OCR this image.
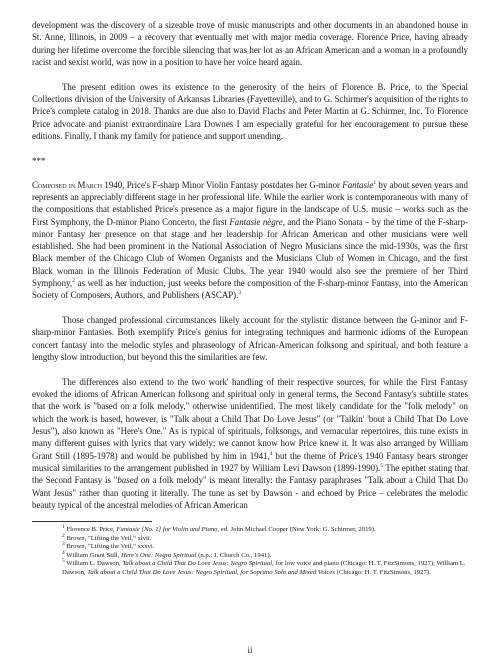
development was the discovery of a sizeable trove of music manuscripts and other documents in an abandoned house in St. Anne, Illinois, in 2009 – a recovery that eventually met with major media coverage. Florence Price, having already during her lifetime overcome the forcible silencing that was her lot as an African American and a woman in a profoundly racist and sexist world, was now in a position to have her voice heard again.

The present edition owes its existence to the generosity of the heirs of Florence B. Price, to the Special Collections division of the University of Arkansas Libraries (Fayetteville), and to G. Schirmer's acquisition of the rights to Price's complete catalog in 2018. Thanks are due also to David Flachs and Peter Martin at G. Schirmer, Inc. To Florence Price advocate and pianist extraordinaire Lara Downes I am especially grateful for her encouragement to pursue these editions. Finally, I thank my family for patience and support unending.

***

Composed in March 1940, Price's F-sharp Minor Violin Fantasy postdates her G-minor Fantasie$^1$ by about seven years and represents an appreciably different stage in her professional life. While the earlier work is contemporaneous with many of the compositions that established Price's presence as a major figure in the landscape of U.S. music – works such as the First Symphony, the D-minor Piano Concerto, the first Fantasie nègre, and the Piano Sonata – by the time of the F-sharp-minor Fantasy her presence on that stage and her leadership for African American and other musicians were well established. She had been prominent in the National Association of Negro Musicians since the mid-1930s, was the first Black member of the Chicago Club of Women Organists and the Musicians Club of Women in Chicago, and the first Black woman in the Illinois Federation of Music Clubs. The year 1940 would also see the premiere of her Third Symphony,$^2$ as well as her induction, just weeks before the composition of the F-sharp-minor Fantasy, into the American Society of Composers, Authors, and Publishers (ASCAP).$^3$

Those changed professional circumstances likely account for the stylistic distance between the G-minor and F-sharp-minor Fantasies. Both exemplify Price's genius for integrating techniques and harmonic idioms of the European concert fantasy into the melodic styles and phraseology of African-American folksong and spiritual, and both feature a lengthy slow introduction, but beyond this the similarities are few.

The differences also extend to the two work' handling of their respective sources, for while the First Fantasy evoked the idioms of African American folksong and spiritual only in general terms, the Second Fantasy's subtitle states that the work is "based on a folk melody," otherwise unidentified. The most likely candidate for the "folk melody" on which the work is based, however, is "Talk about a Child That Do Love Jesus" (or "Talkin' 'bout a Child That Do Love Jesus"), also known as "Here's One." As is typical of spirituals, folksongs, and vernacular repertoires, this tune exists in many different guises with lyrics that vary widely; we cannot know how Price knew it. It was also arranged by William Grant Still (1895-1978) and would be published by him in 1941,$^4$ but the theme of Price's 1940 Fantasy bears stronger musical similarities to the arrangement published in 1927 by William Levi Dawson (1899-1990).$^5$ The epithet stating that the Second Fantasy is "based on a folk melody" is meant literally: the Fantasy paraphrases "Talk about a Child That Do Want Jesus" rather than quoting it literally. The tune as set by Dawson - and echoed by Price – celebrates the melodic beauty typical of the ancestral melodies of African American

$^1$ Florence B. Price, Fantasie [No. 1] for Violin and Piano, ed. John Michael Cooper (New York: G. Schirmer, 2019).

$^2$ Brown, "Lifting the Veil," xlvii.

$^3$ Brown, "Lifting the Veil," xxxvi.

$^4$ William Grant Still, Here's One: Negro Spiritual (n.p.: J. Church Co., 1941).

$^5$ William L. Dawson, Talk about a Child That Do Love Jesus: Negro Spiritual, for low voice and piano (Chicago: H. T. FitzSimons, 1927); William L. Dawson, Talk about a Child That Do Love Jesus: Negro Spiritual, for Soprano Solo and Mixed Voices (Chicago: H. T. FitzSimons, 1927).

ii
